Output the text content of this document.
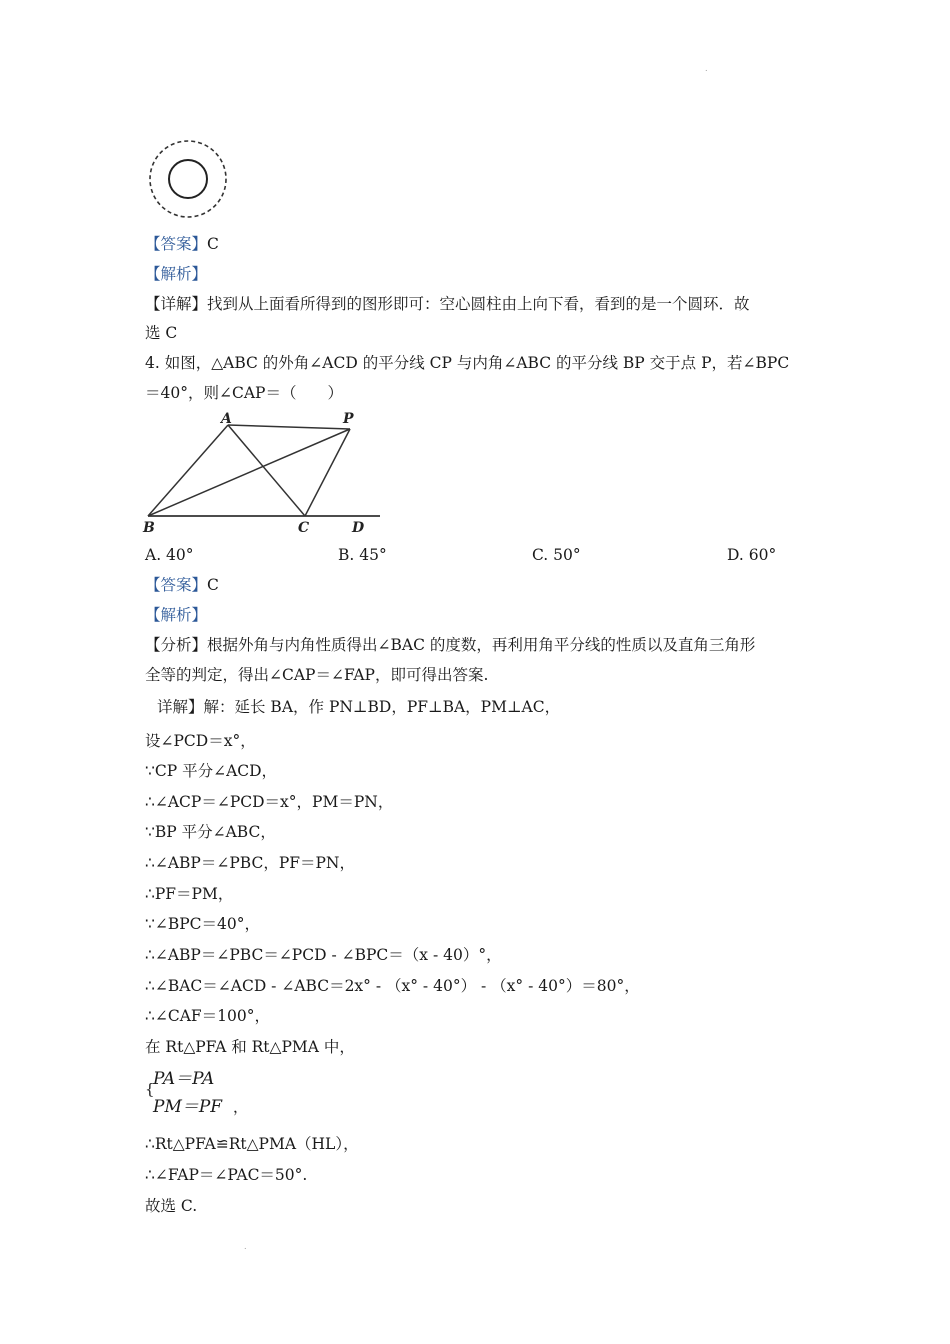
.
【答案】C
【解析】
【详解】找到从上面看所得到的图形即可：空心圆柱由上向下看，看到的是一个圆环．故
选 C
4. 如图，△ABC 的外角∠ACD 的平分线 CP 与内角∠ABC 的平分线 BP 交于点 P，若∠BPC
＝40°，则∠CAP＝（　　）
A	P
B	C	D
A. 40°	B. 45°	C. 50°	D. 60°
【答案】C
【解析】
【分析】根据外角与内角性质得出∠BAC 的度数，再利用角平分线的性质以及直角三角形
全等的判定，得出∠CAP＝∠FAP，即可得出答案.
详解】解：延长 BA，作 PN⊥BD，PF⊥BA，PM⊥AC，
设∠PCD＝x°，
∵CP 平分∠ACD，
∴∠ACP＝∠PCD＝x°，PM＝PN，
∵BP 平分∠ABC，
∴∠ABP＝∠PBC，PF＝PN，
∴PF＝PM，
∵∠BPC＝40°，
∴∠ABP＝∠PBC＝∠PCD - ∠BPC＝（x - 40）°，
∴∠BAC＝∠ACD - ∠ABC＝2x° - （x° - 40°） - （x° - 40°）＝80°，
∴∠CAF＝100°，
在 Rt△PFA 和 Rt△PMA 中，
{
PA＝PA
PM＝PF ，
∴Rt△PFA≌Rt△PMA（HL），
∴∠FAP＝∠PAC＝50°.
故选 C.
.
